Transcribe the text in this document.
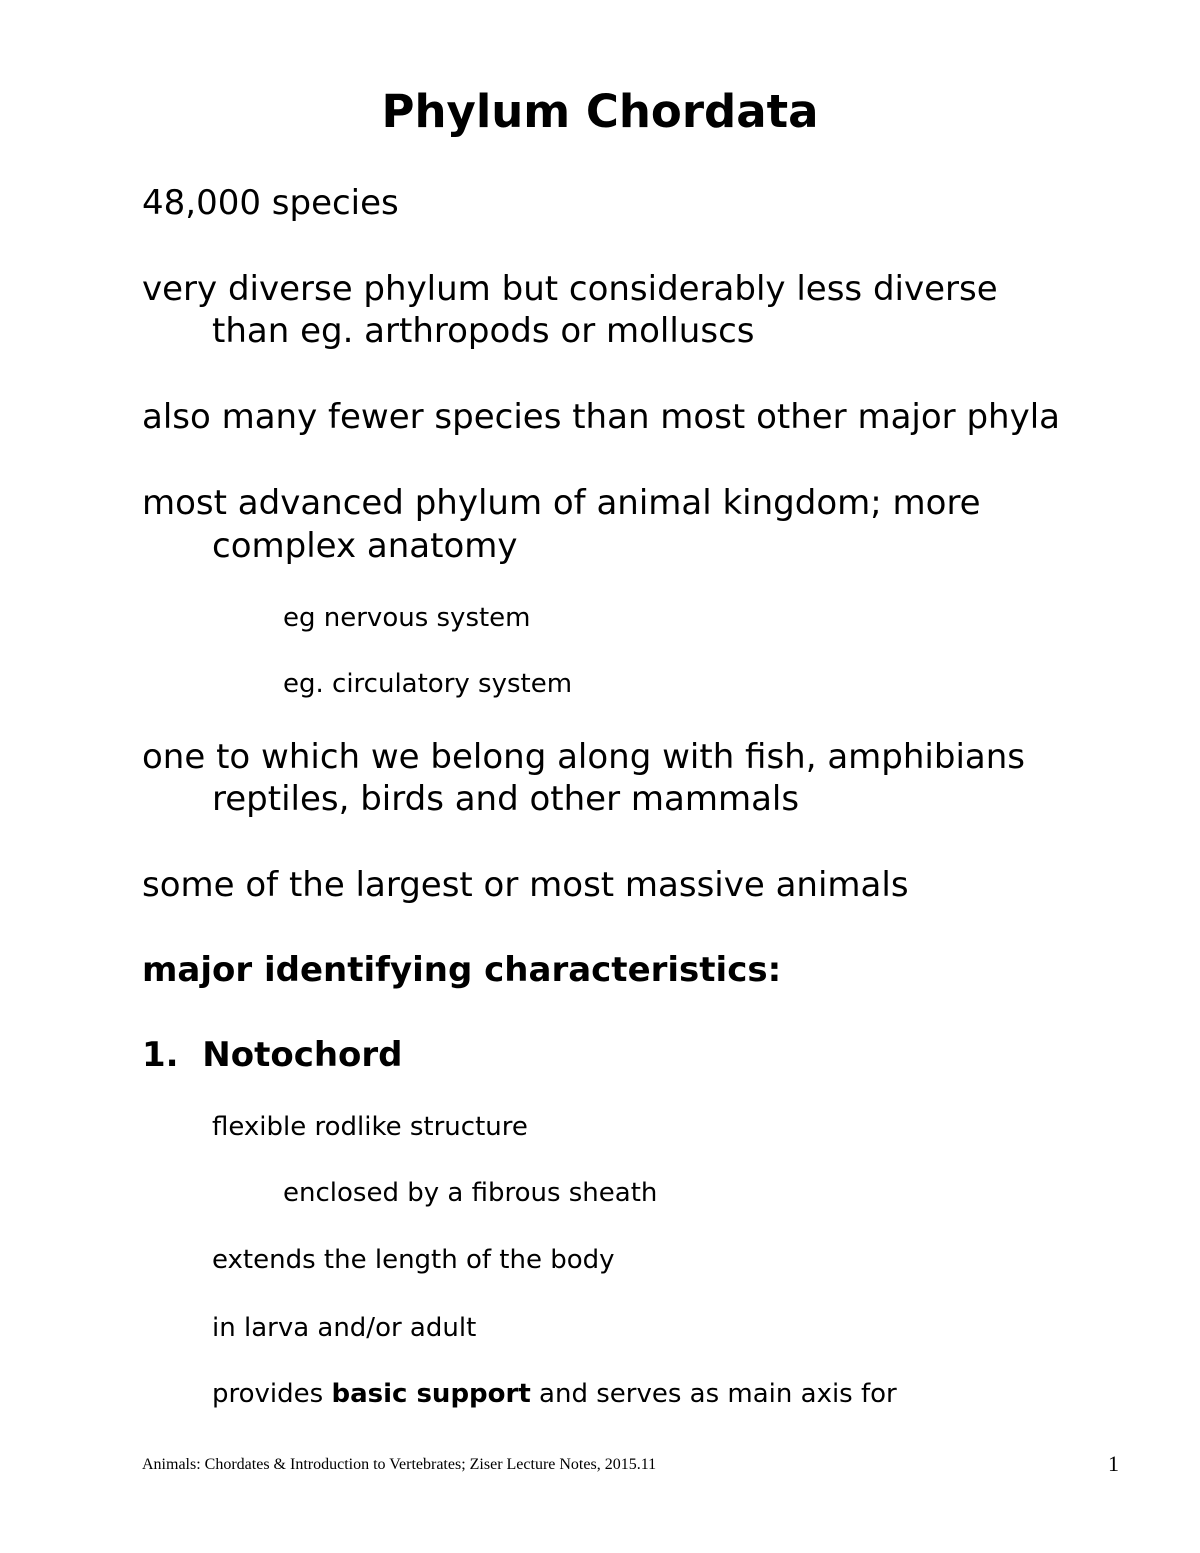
Phylum Chordata
48,000 species
very diverse phylum but considerably less diverse
than eg. arthropods or molluscs
also many fewer species than most other major phyla
most advanced phylum of animal kingdom; more
complex anatomy
eg nervous system
eg. circulatory system
one to which we belong along with fish, amphibians
reptiles, birds and other mammals
some of the largest or most massive animals
major identifying characteristics:
1. Notochord
flexible rodlike structure
enclosed by a fibrous sheath
extends the length of the body
in larva and/or adult
provides basic support and serves as main axis for
Animals: Chordates & Introduction to Vertebrates; Ziser Lecture Notes, 2015.11	1
